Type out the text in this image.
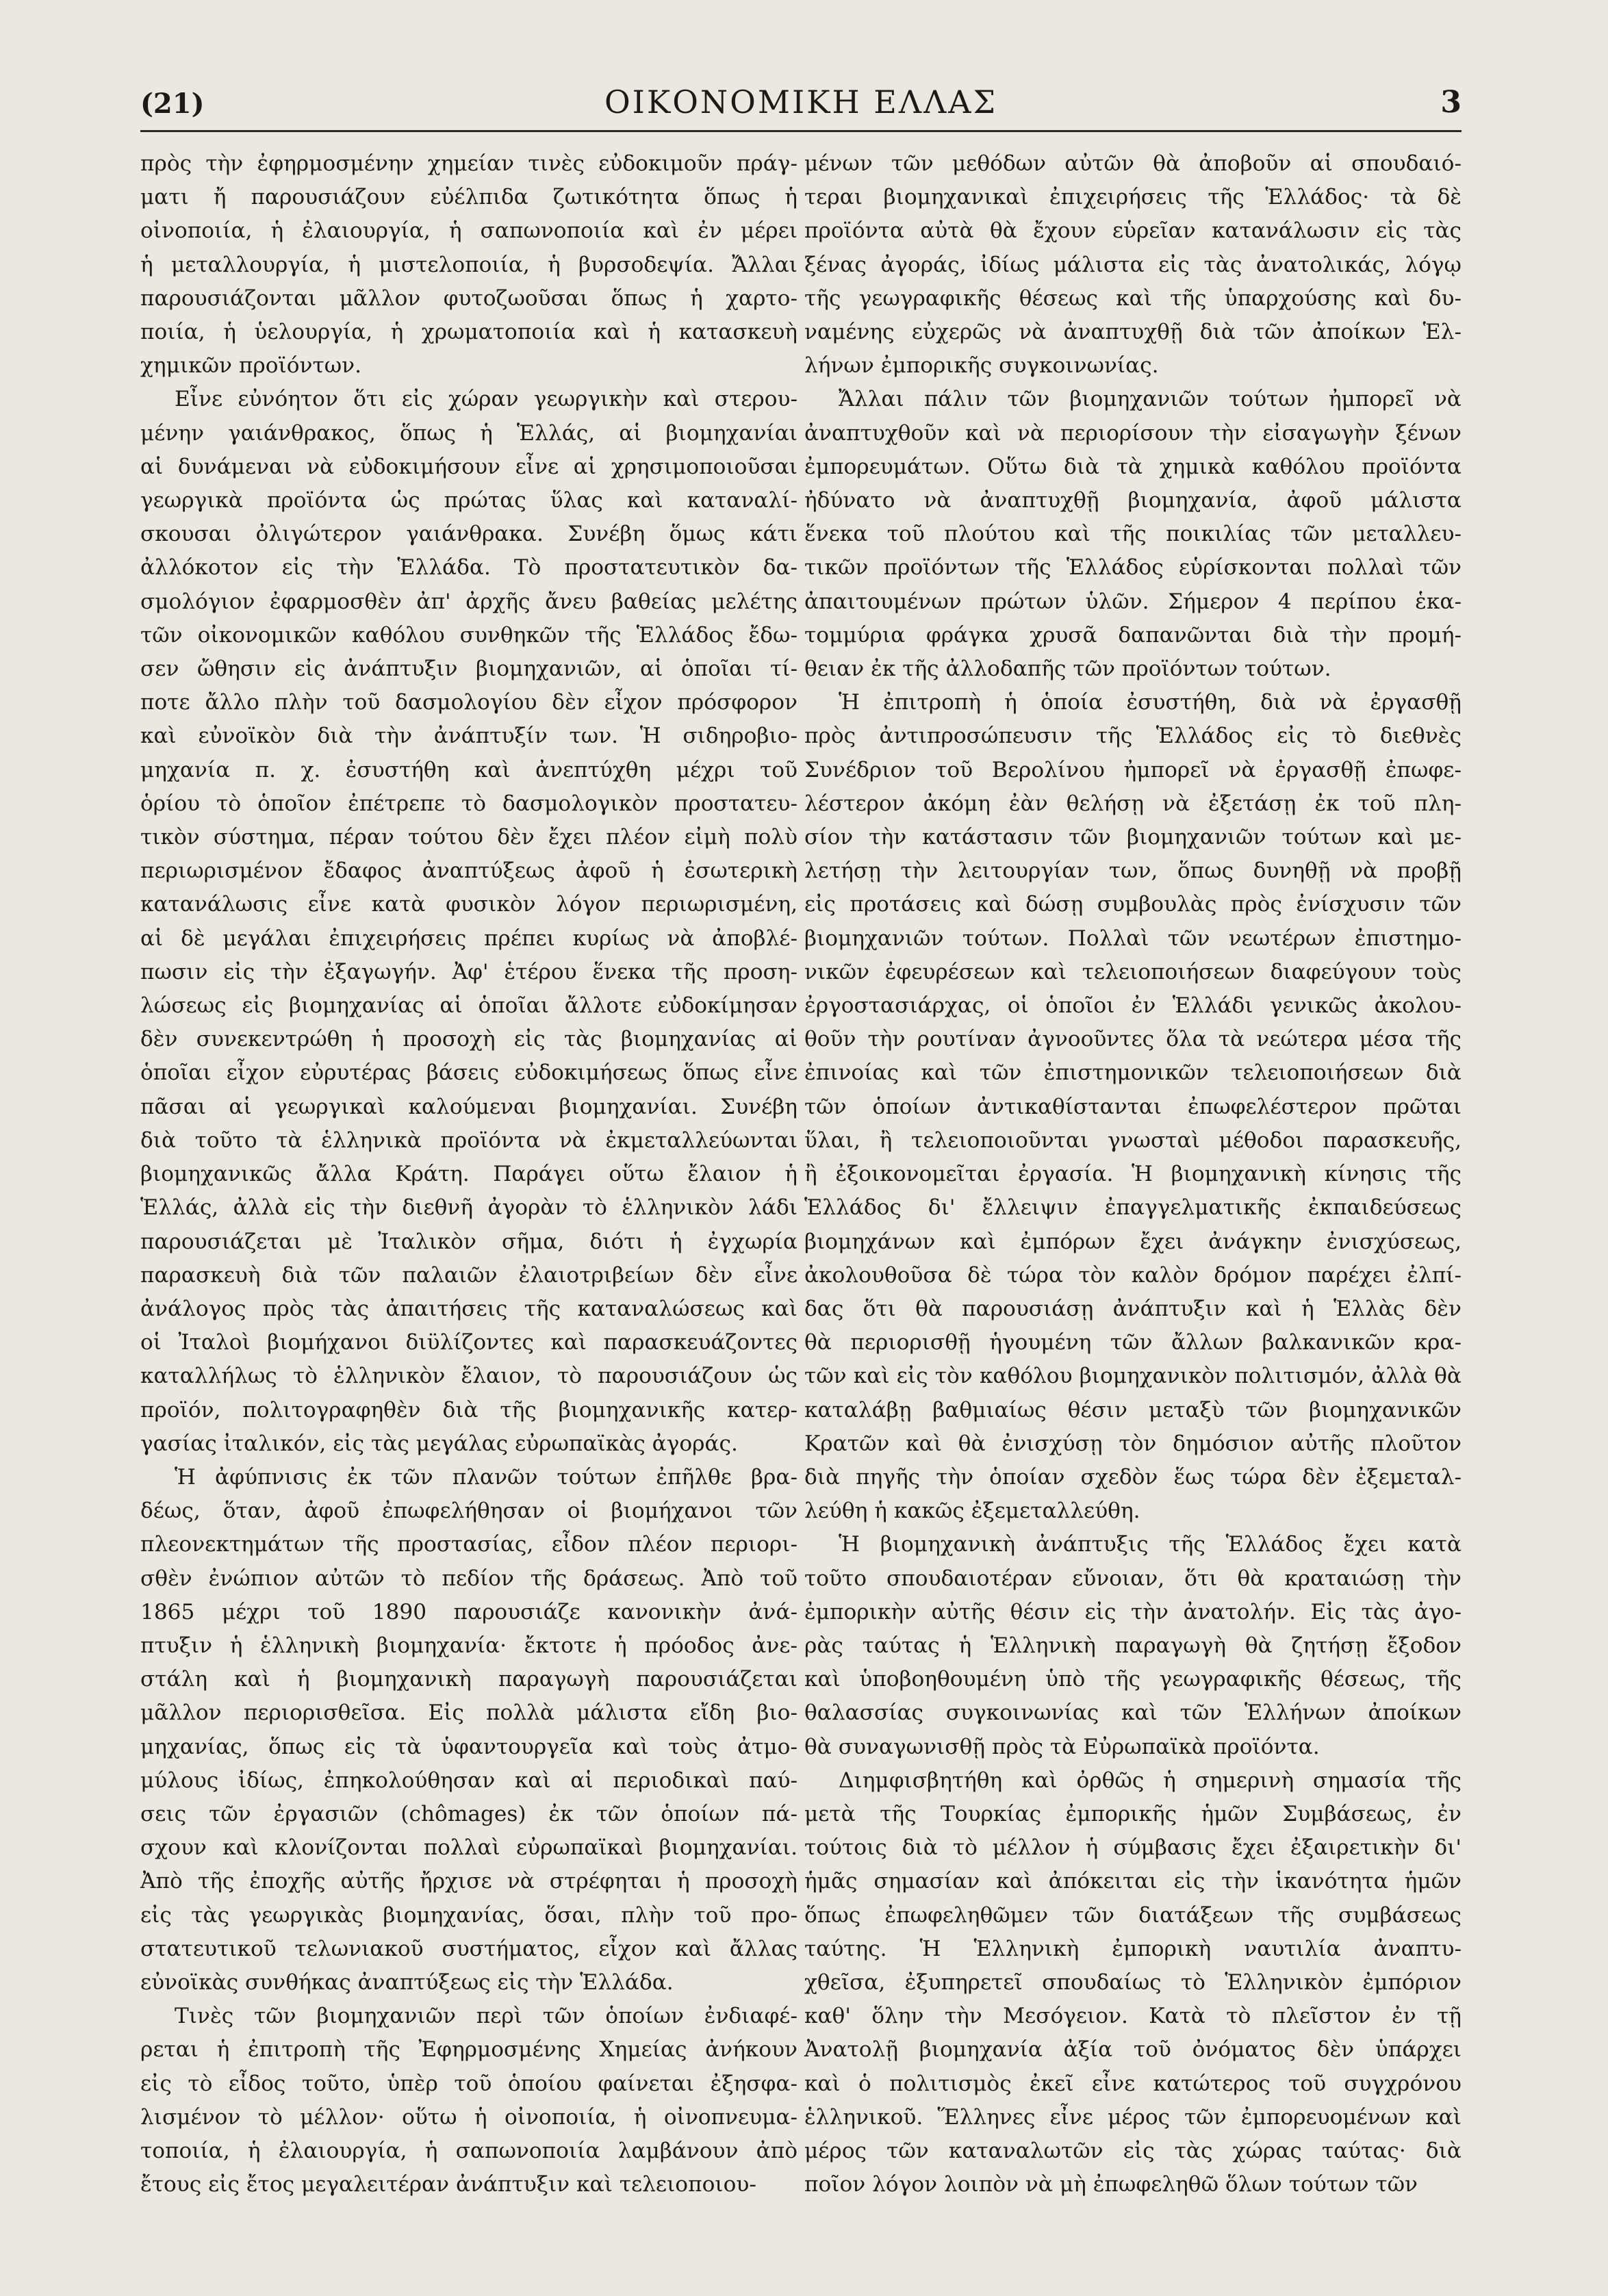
(21)	ΟΙΚΟΝΟΜΙΚΗ ΕΛΛΑΣ	3

πρὸς τὴν ἐφηρμοσμένην χημείαν τινὲς εὐδοκιμοῦν πράγ-
ματι ἤ παρουσιάζουν εὐέλπιδα ζωτικότητα ὅπως ἡ
οἰνοποιία, ἡ ἐλαιουργία, ἡ σαπωνοποιία καὶ ἐν μέρει
ἡ μεταλλουργία, ἡ μιστελοποιία, ἡ βυρσοδεψία. Ἄλλαι
παρουσιάζονται μᾶλλον φυτοζωοῦσαι ὅπως ἡ χαρτο-
ποιία, ἡ ὑελουργία, ἡ χρωματοποιία καὶ ἡ κατασκευὴ
χημικῶν προϊόντων.

Εἶνε εὐνόητον ὅτι εἰς χώραν γεωργικὴν καὶ στερου-
μένην γαιάνθρακος, ὅπως ἡ Ἑλλάς, αἱ βιομηχανίαι
αἱ δυνάμεναι νὰ εὐδοκιμήσουν εἶνε αἱ χρησιμοποιοῦσαι
γεωργικὰ προϊόντα ὡς πρώτας ὕλας καὶ καταναλί-
σκουσαι ὀλιγώτερον γαιάνθρακα. Συνέβη ὅμως κάτι
ἀλλόκοτον εἰς τὴν Ἑλλάδα. Τὸ προστατευτικὸν δα-
σμολόγιον ἐφαρμοσθὲν ἀπ' ἀρχῆς ἄνευ βαθείας μελέτης
τῶν οἰκονομικῶν καθόλου συνθηκῶν τῆς Ἑλλάδος ἔδω-
σεν ὤθησιν εἰς ἀνάπτυξιν βιομηχανιῶν, αἱ ὁποῖαι τί-
ποτε ἄλλο πλὴν τοῦ δασμολογίου δὲν εἶχον πρόσφορον
καὶ εὐνοϊκὸν διὰ τὴν ἀνάπτυξίν των. Ἡ σιδηροβιο-
μηχανία π. χ. ἐσυστήθη καὶ ἀνεπτύχθη μέχρι τοῦ
ὁρίου τὸ ὁποῖον ἐπέτρεπε τὸ δασμολογικὸν προστατευ-
τικὸν σύστημα, πέραν τούτου δὲν ἔχει πλέον εἰμὴ πολὺ
περιωρισμένον ἔδαφος ἀναπτύξεως ἀφοῦ ἡ ἐσωτερικὴ
κατανάλωσις εἶνε κατὰ φυσικὸν λόγον περιωρισμένη,
αἱ δὲ μεγάλαι ἐπιχειρήσεις πρέπει κυρίως νὰ ἀποβλέ-
πωσιν εἰς τὴν ἐξαγωγήν. Ἀφ' ἑτέρου ἕνεκα τῆς προση-
λώσεως εἰς βιομηχανίας αἱ ὁποῖαι ἄλλοτε εὐδοκίμησαν
δὲν συνεκεντρώθη ἡ προσοχὴ εἰς τὰς βιομηχανίας αἱ
ὁποῖαι εἶχον εὐρυτέρας βάσεις εὐδοκιμήσεως ὅπως εἶνε
πᾶσαι αἱ γεωργικαὶ καλούμεναι βιομηχανίαι. Συνέβη
διὰ τοῦτο τὰ ἑλληνικὰ προϊόντα νὰ ἐκμεταλλεύωνται
βιομηχανικῶς ἄλλα Κράτη. Παράγει οὕτω ἔλαιον ἡ
Ἑλλάς, ἀλλὰ εἰς τὴν διεθνῆ ἀγορὰν τὸ ἑλληνικὸν λάδι
παρουσιάζεται μὲ Ἰταλικὸν σῆμα, διότι ἡ ἐγχωρία
παρασκευὴ διὰ τῶν παλαιῶν ἐλαιοτριβείων δὲν εἶνε
ἀνάλογος πρὸς τὰς ἀπαιτήσεις τῆς καταναλώσεως καὶ
οἱ Ἰταλοὶ βιομήχανοι διϋλίζοντες καὶ παρασκευάζοντες
καταλλήλως τὸ ἑλληνικὸν ἔλαιον, τὸ παρουσιάζουν ὡς
προϊόν, πολιτογραφηθὲν διὰ τῆς βιομηχανικῆς κατερ-
γασίας ἰταλικόν, εἰς τὰς μεγάλας εὐρωπαϊκὰς ἀγοράς.

Ἡ ἀφύπνισις ἐκ τῶν πλανῶν τούτων ἐπῆλθε βρα-
δέως, ὅταν, ἀφοῦ ἐπωφελήθησαν οἱ βιομήχανοι τῶν
πλεονεκτημάτων τῆς προστασίας, εἶδον πλέον περιορι-
σθὲν ἐνώπιον αὐτῶν τὸ πεδίον τῆς δράσεως. Ἀπὸ τοῦ
1865 μέχρι τοῦ 1890 παρουσιάζε κανονικὴν ἀνά-
πτυξιν ἡ ἑλληνικὴ βιομηχανία· ἔκτοτε ἡ πρόοδος ἀνε-
στάλη καὶ ἡ βιομηχανικὴ παραγωγὴ παρουσιάζεται
μᾶλλον περιορισθεῖσα. Εἰς πολλὰ μάλιστα εἴδη βιο-
μηχανίας, ὅπως εἰς τὰ ὑφαντουργεῖα καὶ τοὺς ἀτμο-
μύλους ἰδίως, ἐπηκολούθησαν καὶ αἱ περιοδικαὶ παύ-
σεις τῶν ἐργασιῶν (chômages) ἐκ τῶν ὁποίων πά-
σχουν καὶ κλονίζονται πολλαὶ εὐρωπαϊκαὶ βιομηχανίαι.
Ἀπὸ τῆς ἐποχῆς αὐτῆς ἤρχισε νὰ στρέφηται ἡ προσοχὴ
εἰς τὰς γεωργικὰς βιομηχανίας, ὅσαι, πλὴν τοῦ προ-
στατευτικοῦ τελωνιακοῦ συστήματος, εἶχον καὶ ἄλλας
εὐνοϊκὰς συνθήκας ἀναπτύξεως εἰς τὴν Ἑλλάδα.

Τινὲς τῶν βιομηχανιῶν περὶ τῶν ὁποίων ἐνδιαφέ-
ρεται ἡ ἐπιτροπὴ τῆς Ἐφηρμοσμένης Χημείας ἀνήκουν
εἰς τὸ εἶδος τοῦτο, ὑπὲρ τοῦ ὁποίου φαίνεται ἐξησφα-
λισμένον τὸ μέλλον· οὕτω ἡ οἰνοποιία, ἡ οἰνοπνευμα-
τοποιία, ἡ ἐλαιουργία, ἡ σαπωνοποιία λαμβάνουν ἀπὸ
ἔτους εἰς ἔτος μεγαλειτέραν ἀνάπτυξιν καὶ τελειοποιου-

μένων τῶν μεθόδων αὐτῶν θὰ ἀποβοῦν αἱ σπουδαιό-
τεραι βιομηχανικαὶ ἐπιχειρήσεις τῆς Ἑλλάδος· τὰ δὲ
προϊόντα αὐτὰ θὰ ἔχουν εὑρεῖαν κατανάλωσιν εἰς τὰς
ξένας ἀγοράς, ἰδίως μάλιστα εἰς τὰς ἀνατολικάς, λόγῳ
τῆς γεωγραφικῆς θέσεως καὶ τῆς ὑπαρχούσης καὶ δυ-
ναμένης εὐχερῶς νὰ ἀναπτυχθῇ διὰ τῶν ἀποίκων Ἑλ-
λήνων ἐμπορικῆς συγκοινωνίας.

Ἄλλαι πάλιν τῶν βιομηχανιῶν τούτων ἠμπορεῖ νὰ
ἀναπτυχθοῦν καὶ νὰ περιορίσουν τὴν εἰσαγωγὴν ξένων
ἐμπορευμάτων. Οὕτω διὰ τὰ χημικὰ καθόλου προϊόντα
ἠδύνατο νὰ ἀναπτυχθῇ βιομηχανία, ἀφοῦ μάλιστα
ἕνεκα τοῦ πλούτου καὶ τῆς ποικιλίας τῶν μεταλλευ-
τικῶν προϊόντων τῆς Ἑλλάδος εὑρίσκονται πολλαὶ τῶν
ἀπαιτουμένων πρώτων ὑλῶν. Σήμερον 4 περίπου ἑκα-
τομμύρια φράγκα χρυσᾶ δαπανῶνται διὰ τὴν προμή-
θειαν ἐκ τῆς ἀλλοδαπῆς τῶν προϊόντων τούτων.

Ἡ ἐπιτροπὴ ἡ ὁποία ἐσυστήθη, διὰ νὰ ἐργασθῇ
πρὸς ἀντιπροσώπευσιν τῆς Ἑλλάδος εἰς τὸ διεθνὲς
Συνέδριον τοῦ Βερολίνου ἠμπορεῖ νὰ ἐργασθῇ ἐπωφε-
λέστερον ἀκόμη ἐὰν θελήσῃ νὰ ἐξετάσῃ ἐκ τοῦ πλη-
σίον τὴν κατάστασιν τῶν βιομηχανιῶν τούτων καὶ με-
λετήσῃ τὴν λειτουργίαν των, ὅπως δυνηθῇ νὰ προβῇ
εἰς προτάσεις καὶ δώσῃ συμβουλὰς πρὸς ἐνίσχυσιν τῶν
βιομηχανιῶν τούτων. Πολλαὶ τῶν νεωτέρων ἐπιστημο-
νικῶν ἐφευρέσεων καὶ τελειοποιήσεων διαφεύγουν τοὺς
ἐργοστασιάρχας, οἱ ὁποῖοι ἐν Ἑλλάδι γενικῶς ἀκολου-
θοῦν τὴν ρουτίναν ἀγνοοῦντες ὅλα τὰ νεώτερα μέσα τῆς
ἐπινοίας καὶ τῶν ἐπιστημονικῶν τελειοποιήσεων διὰ
τῶν ὁποίων ἀντικαθίστανται ἐπωφελέστερον πρῶται
ὕλαι, ἢ τελειοποιοῦνται γνωσταὶ μέθοδοι παρασκευῆς,
ἢ ἐξοικονομεῖται ἐργασία. Ἡ βιομηχανικὴ κίνησις τῆς
Ἑλλάδος δι' ἔλλειψιν ἐπαγγελματικῆς ἐκπαιδεύσεως
βιομηχάνων καὶ ἐμπόρων ἔχει ἀνάγκην ἐνισχύσεως,
ἀκολουθοῦσα δὲ τώρα τὸν καλὸν δρόμον παρέχει ἐλπί-
δας ὅτι θὰ παρουσιάσῃ ἀνάπτυξιν καὶ ἡ Ἑλλὰς δὲν
θὰ περιορισθῇ ἡγουμένη τῶν ἄλλων βαλκανικῶν κρα-
τῶν καὶ εἰς τὸν καθόλου βιομηχανικὸν πολιτισμόν, ἀλλὰ θὰ
καταλάβῃ βαθμιαίως θέσιν μεταξὺ τῶν βιομηχανικῶν
Κρατῶν καὶ θὰ ἐνισχύσῃ τὸν δημόσιον αὐτῆς πλοῦτον
διὰ πηγῆς τὴν ὁποίαν σχεδὸν ἕως τώρα δὲν ἐξεμεταλ-
λεύθη ἡ κακῶς ἐξεμεταλλεύθη.

Ἡ βιομηχανικὴ ἀνάπτυξις τῆς Ἑλλάδος ἔχει κατὰ
τοῦτο σπουδαιοτέραν εὔνοιαν, ὅτι θὰ κραταιώσῃ τὴν
ἐμπορικὴν αὐτῆς θέσιν εἰς τὴν ἀνατολήν. Εἰς τὰς ἀγο-
ρὰς ταύτας ἡ Ἑλληνικὴ παραγωγὴ θὰ ζητήσῃ ἔξοδον
καὶ ὑποβοηθουμένη ὑπὸ τῆς γεωγραφικῆς θέσεως, τῆς
θαλασσίας συγκοινωνίας καὶ τῶν Ἑλλήνων ἀποίκων
θὰ συναγωνισθῇ πρὸς τὰ Εὐρωπαϊκὰ προϊόντα.

Διημφισβητήθη καὶ ὀρθῶς ἡ σημερινὴ σημασία τῆς
μετὰ τῆς Τουρκίας ἐμπορικῆς ἡμῶν Συμβάσεως, ἐν
τούτοις διὰ τὸ μέλλον ἡ σύμβασις ἔχει ἐξαιρετικὴν δι'
ἡμᾶς σημασίαν καὶ ἀπόκειται εἰς τὴν ἱκανότητα ἡμῶν
ὅπως ἐπωφεληθῶμεν τῶν διατάξεων τῆς συμβάσεως
ταύτης. Ἡ Ἑλληνικὴ ἐμπορικὴ ναυτιλία ἀναπτυ-
χθεῖσα, ἐξυπηρετεῖ σπουδαίως τὸ Ἑλληνικὸν ἐμπόριον
καθ' ὅλην τὴν Μεσόγειον. Κατὰ τὸ πλεῖστον ἐν τῇ
Ἀνατολῇ βιομηχανία ἀξία τοῦ ὀνόματος δὲν ὑπάρχει
καὶ ὁ πολιτισμὸς ἐκεῖ εἶνε κατώτερος τοῦ συγχρόνου
ἑλληνικοῦ. Ἕλληνες εἶνε μέρος τῶν ἐμπορευομένων καὶ
μέρος τῶν καταναλωτῶν εἰς τὰς χώρας ταύτας· διὰ
ποῖον λόγον λοιπὸν νὰ μὴ ἐπωφεληθῶ ὅλων τούτων τῶν
